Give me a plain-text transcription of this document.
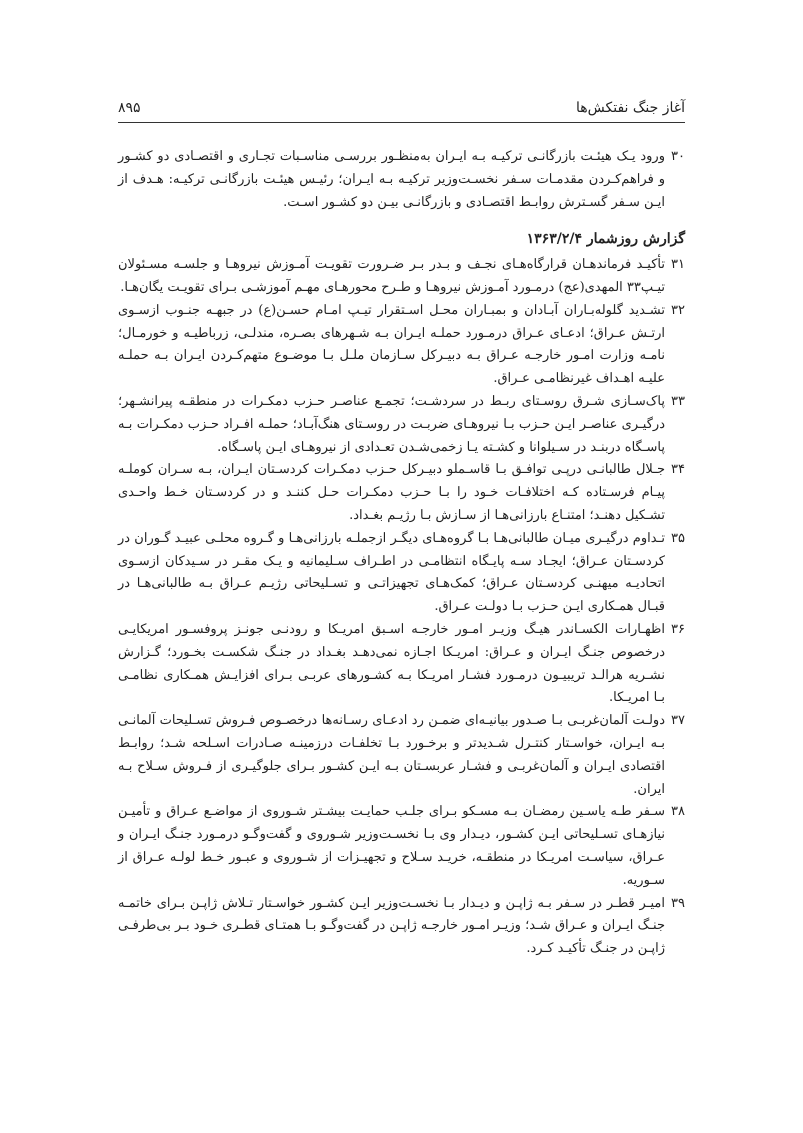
آغاز جنگ نفتکش‌ها
۸۹۵

۳۰
ورود یـک هیئـت بازرگانـی ترکیـه بـه ایـران به‌منظـور بررسـی مناسـبات تجـاری و اقتصـادی دو کشـور و فراهم‌کـردن مقدمـات سـفر نخسـت‌وزیر ترکیـه بـه ایـران؛ رئیـس هیئـت بازرگانـی ترکیـه: هـدف از ایـن سـفر گسـترش روابـط اقتصـادی و بازرگانـی بیـن دو کشـور اسـت.

گزارش روزشمار ۱۳۶۳/۲/۴

۳۱
تأکیـد فرماندهـان قرارگاه‌هـای نجـف و بـدر بـر ضـرورت تقویـت آمـوزش نیروهـا و جلسـه مسـئولان تیـپ۳۳ المهدی(عج) درمـورد آمـوزش نیروهـا و طـرح محورهـای مهـم آموزشـی بـرای تقویـت یگان‌هـا.

۳۲
تشـدید گلوله‌بـاران آبـادان و بمبـاران محـل اسـتقرار تیـپ امـام حسـن(ع) در جبهـه جنـوب ازسـوی ارتـش عـراق؛ ادعـای عـراق درمـورد حملـه ایـران بـه شـهرهای بصـره، مندلـی، زرباطیـه و خورمـال؛ نامـه وزارت امـور خارجـه عـراق بـه دبیـرکل سـازمان ملـل بـا موضـوع متهم‌کـردن ایـران بـه حملـه علیـه اهـداف غیرنظامـی عـراق.

۳۳
پاک‌سـازی شـرق روسـتای ربـط در سردشـت؛ تجمـع عناصـر حـزب دمکـرات در منطقـه پیرانشـهر؛ درگیـری عناصـر ایـن حـزب بـا نیروهـای ضربـت در روسـتای هنگ‌آبـاد؛ حملـه افـراد حـزب دمکـرات بـه پاسـگاه دربنـد در سـیلوانا و کشـته یـا زخمی‌شـدن تعـدادی از نیروهـای ایـن پاسـگاه.

۳۴
جـلال طالبانـی درپـی توافـق بـا قاسـملو دبیـرکل حـزب دمکـرات کردسـتان ایـران، بـه سـران کوملـه پیـام فرسـتاده کـه اختلافـات خـود را بـا حـزب دمکـرات حـل کننـد و در کردسـتان خـط واحـدی تشـکیل دهنـد؛ امتنـاع بارزانی‌هـا از سـازش بـا رژیـم بغـداد.

۳۵
تـداوم درگیـری میـان طالبانی‌هـا بـا گروه‌هـای دیگـر ازجملـه بارزانی‌هـا و گـروه محلـی عبیـد گـوران در کردسـتان عـراق؛ ایجـاد سـه پایـگاه انتظامـی در اطـراف سـلیمانیه و یـک مقـر در سـیدکان ازسـوی اتحادیـه میهنـی کردسـتان عـراق؛ کمک‌هـای تجهیزاتـی و تسـلیحاتی رژیـم عـراق بـه طالبانی‌هـا در قبـال همـکاری ایـن حـزب بـا دولـت عـراق.

۳۶
اظهـارات الکسـاندر هیـگ وزیـر امـور خارجـه اسـبق امریـکا و رودنـی جونـز پروفسـور امریکایـی درخصوص جنـگ ایـران و عـراق: امریـکا اجـازه نمی‌دهـد بغـداد در جنـگ شکسـت بخـورد؛ گـزارش نشـریه هرالـد تریبیـون درمـورد فشـار امریـکا بـه کشـورهای عربـی بـرای افزایـش همـکاری نظامـی بـا امریـکا.

۳۷
دولـت آلمان‌غربـی بـا صـدور بیانیـه‌ای ضمـن رد ادعـای رسـانه‌ها درخصـوص فـروش تسـلیحات آلمانـی بـه ایـران، خواسـتار کنتـرل شـدیدتر و برخـورد بـا تخلفـات درزمینـه صـادرات اسـلحه شـد؛ روابـط اقتصادی ایـران و آلمان‌غربـی و فشـار عربسـتان بـه ایـن کشـور بـرای جلوگیـری از فـروش سـلاح بـه ایران.

۳۸
سـفر طـه یاسـین رمضـان بـه مسـکو بـرای جلـب حمایـت بیشـتر شـوروی از مواضـع عـراق و تأمیـن نیازهـای تسـلیحاتی ایـن کشـور، دیـدار وی بـا نخسـت‌وزیر شـوروی و گفت‌وگـو درمـورد جنـگ ایـران و عـراق، سیاسـت امریـکا در منطقـه، خریـد سـلاح و تجهیـزات از شـوروی و عبـور خـط لولـه عـراق از سـوریه.

۳۹
امیـر قطـر در سـفر بـه ژاپـن و دیـدار بـا نخسـت‌وزیر ایـن کشـور خواسـتار تـلاش ژاپـن بـرای خاتمـه جنـگ ایـران و عـراق شـد؛ وزیـر امـور خارجـه ژاپـن در گفت‌وگـو بـا همتـای قطـری خـود بـر بی‌طرفـی ژاپـن در جنـگ تأکیـد کـرد.
